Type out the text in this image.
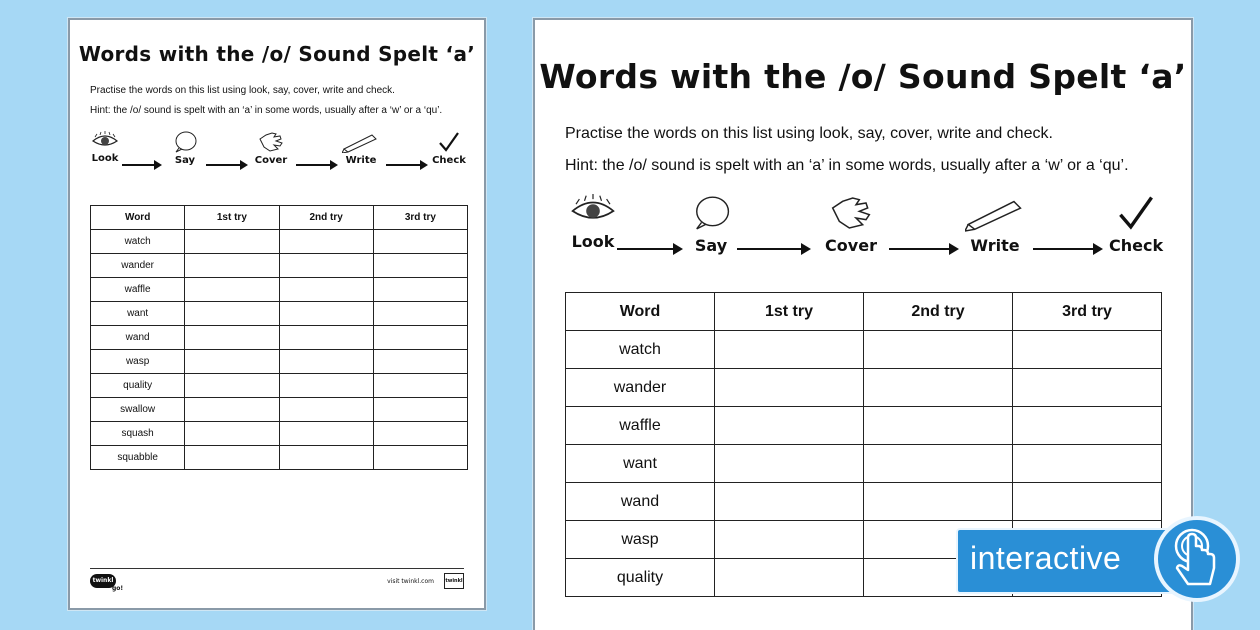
Words with the /o/ Sound Spelt ‘a’
Practise the words on this list using look, say, cover, write and check.
Hint: the /o/ sound is spelt with an ‘a’ in some words, usually after a ‘w’ or a ‘qu’.
Look	Say	Cover	Write	Check
Word	1st try	2nd try	3rd try
watch			
wander			
waffle			
want			
wand			
wasp			
quality			
swallow			
squash			
squabble			
twinkl
go!
visit twinkl.com twinkl
Words with the /o/ Sound Spelt ‘a’
Practise the words on this list using look, say, cover, write and check.
Hint: the /o/ sound is spelt with an ‘a’ in some words, usually after a ‘w’ or a ‘qu’.
Look	Say	Cover	Write	Check
Word	1st try	2nd try	3rd try
watch			
wander			
waffle			
want			
wand			
wasp			
quality			
interactive
